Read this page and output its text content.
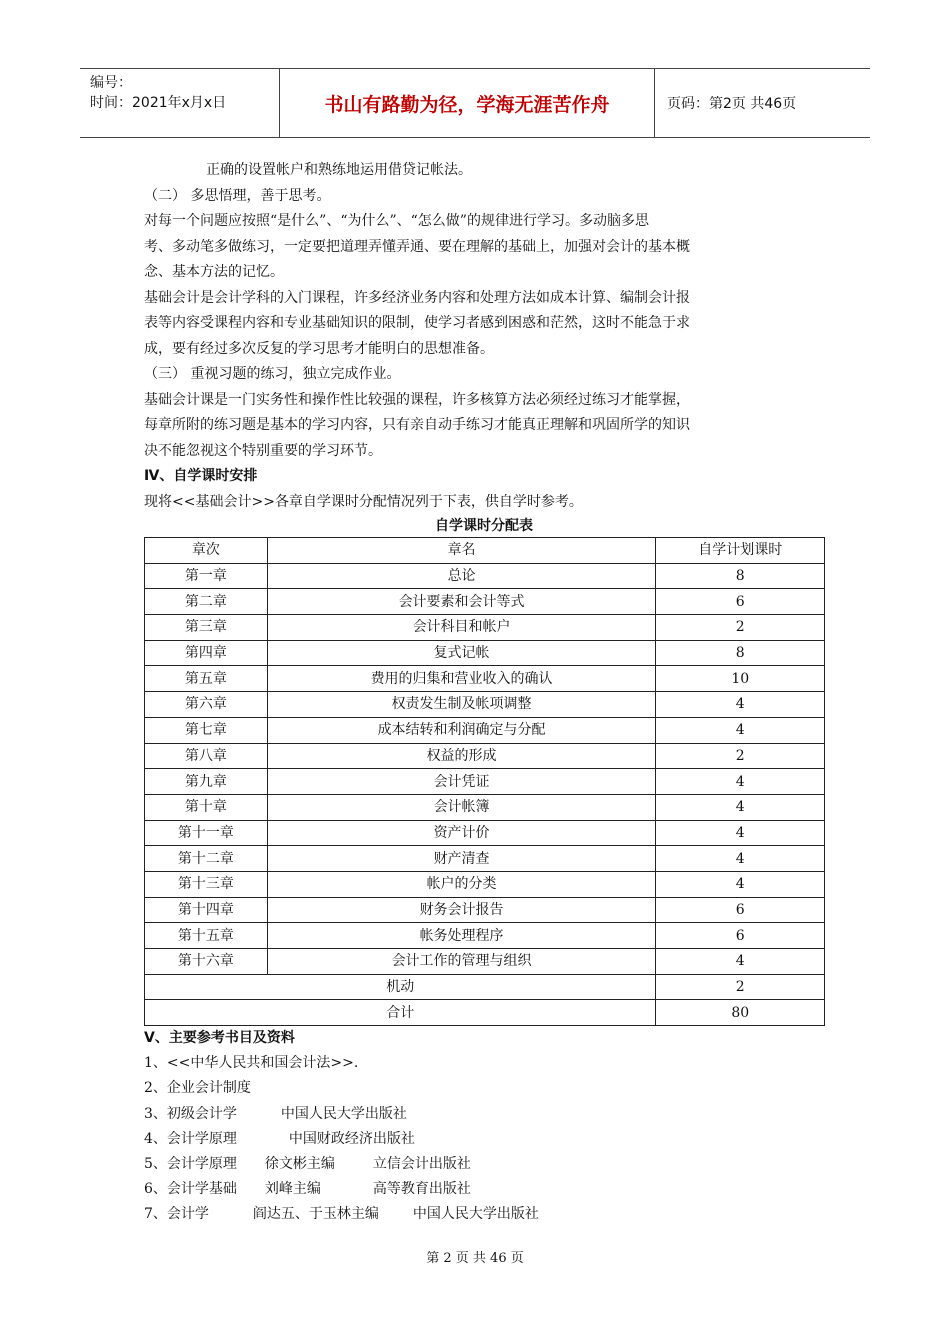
编号：
时间：2021年x月x日	书山有路勤为径，学海无涯苦作舟	页码：第2页 共46页
正确的设置帐户和熟练地运用借贷记帐法。
（二） 多思悟理，善于思考。
对每一个问题应按照“是什么”、“为什么”、“怎么做”的规律进行学习。多动脑多思
考、多动笔多做练习，一定要把道理弄懂弄通、要在理解的基础上，加强对会计的基本概
念、基本方法的记忆。
基础会计是会计学科的入门课程，许多经济业务内容和处理方法如成本计算、编制会计报
表等内容受课程内容和专业基础知识的限制，使学习者感到困惑和茫然，这时不能急于求
成，要有经过多次反复的学习思考才能明白的思想准备。
（三） 重视习题的练习，独立完成作业。
基础会计课是一门实务性和操作性比较强的课程，许多核算方法必须经过练习才能掌握，
每章所附的练习题是基本的学习内容，只有亲自动手练习才能真正理解和巩固所学的知识
决不能忽视这个特别重要的学习环节。
Ⅳ、自学课时安排
现将<<基础会计>>各章自学课时分配情况列于下表，供自学时参考。
自学课时分配表
章次	章名	自学计划课时
第一章	总论	8
第二章	会计要素和会计等式	6
第三章	会计科目和帐户	2
第四章	复式记帐	8
第五章	费用的归集和营业收入的确认	10
第六章	权责发生制及帐项调整	4
第七章	成本结转和利润确定与分配	4
第八章	权益的形成	2
第九章	会计凭证	4
第十章	会计帐簿	4
第十一章	资产计价	4
第十二章	财产清查	4
第十三章	帐户的分类	4
第十四章	财务会计报告	6
第十五章	帐务处理程序	6
第十六章	会计工作的管理与组织	4
机动		2
合计		80
Ⅴ、主要参考书目及资料
1、<<中华人民共和国会计法>>.
2、企业会计制度
3、初级会计学	中国人民大学出版社
4、会计学原理	中国财政经济出版社
5、会计学原理 徐文彬主编	立信会计出版社
6、会计学基础 刘峰主编	高等教育出版社
7、会计学	阎达五、于玉林主编 中国人民大学出版社
第 2 页 共 46 页
